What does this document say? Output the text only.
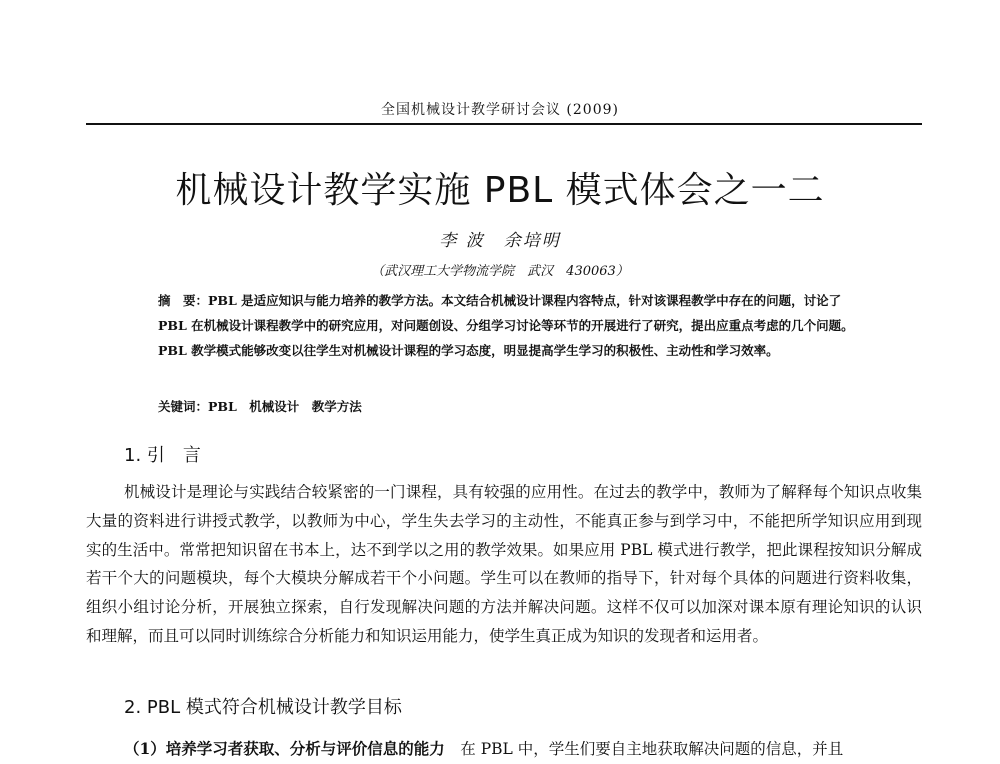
全国机械设计教学研讨会议 (2009)
机械设计教学实施 PBL 模式体会之一二
李 波　余培明
（武汉理工大学物流学院　武汉　430063）
摘　要：PBL 是适应知识与能力培养的教学方法。本文结合机械设计课程内容特点，针对该课程教学中存在的问题，讨论了 PBL 在机械设计课程教学中的研究应用，对问题创设、分组学习讨论等环节的开展进行了研究，提出应重点考虑的几个问题。PBL 教学模式能够改变以往学生对机械设计课程的学习态度，明显提高学生学习的积极性、主动性和学习效率。
关键词：PBL　机械设计　教学方法
1. 引　言

机械设计是理论与实践结合较紧密的一门课程，具有较强的应用性。在过去的教学中，教师为了解释每个知识点收集大量的资料进行讲授式教学，以教师为中心，学生失去学习的主动性，不能真正参与到学习中，不能把所学知识应用到现实的生活中。常常把知识留在书本上，达不到学以之用的教学效果。如果应用 PBL 模式进行教学，把此课程按知识分解成若干个大的问题模块，每个大模块分解成若干个小问题。学生可以在教师的指导下，针对每个具体的问题进行资料收集，组织小组讨论分析，开展独立探索，自行发现解决问题的方法并解决问题。这样不仅可以加深对课本原有理论知识的认识和理解，而且可以同时训练综合分析能力和知识运用能力，使学生真正成为知识的发现者和运用者。

2. PBL 模式符合机械设计教学目标

（1）培养学习者获取、分析与评价信息的能力　在 PBL 中，学生们要自主地获取解决问题的信息，并且
